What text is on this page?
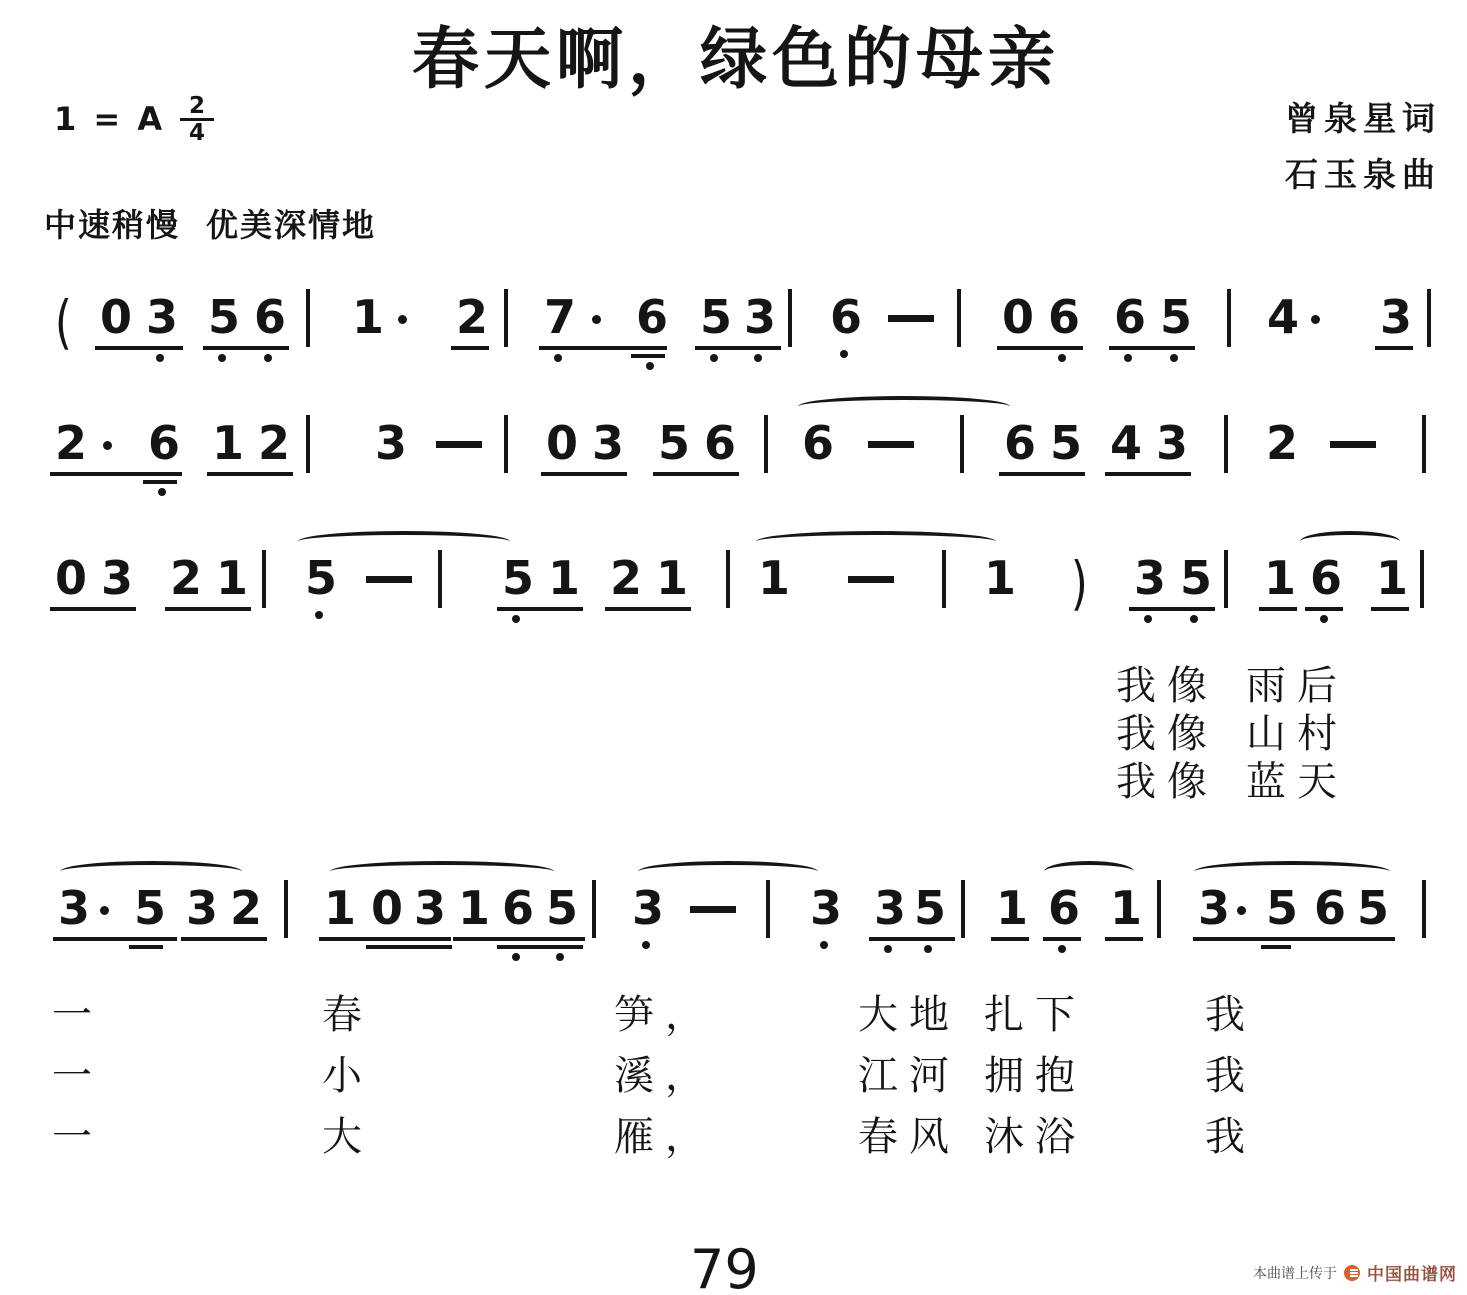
春天啊，绿色的母亲
1 = A $\frac{2}{4}$	曾泉星词
石玉泉曲
中速稍慢 优美深情地
79	本曲谱上传于 中国曲谱网
( 0 3 5 6 1 2 7 6 5 3 6	0 6 6 5 4 3
2 6 1 2 3	0 3 5 6 6	6 5 4 3 2
0 3 2 1 5	5 1 2 1 1	1 ) 3 5 1 6 1
3 5 3 2 1 0 3 1 6 5 3	3 3 5 1 6 1 3 5 6 5
我像 雨后
我像 山村
我像 蓝天
一	春	笋，	大地 扎下	我
一	小	溪，	江河 拥抱	我
一	大	雁，	春风 沐浴	我
